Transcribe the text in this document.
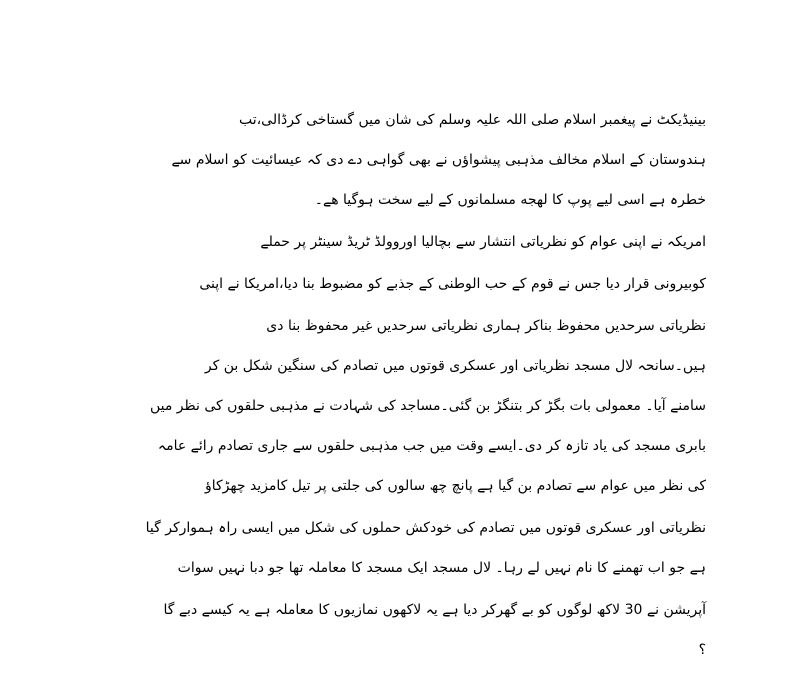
بینیڈیکٹ نے پیغمبر اسلام صلی اللہ علیہ وسلم کی شان میں گستاخی کرڈالی،تب
ہندوستان کے اسلام مخالف مذہبی پیشواؤں نے بھی گواہی دے دی کہ عیسائیت کو اسلام سے
خطرہ ہے اسی لیے پوپ کا لهجه مسلمانوں کے لیے سخت ہوگیا ھے۔
امریکہ نے اپنی عوام کو نظریاتی انتشار سے بچالیا اوروولڈ ٹریڈ سینٹر پر حملے
کوبیرونی قرار دیا جس نے قوم کے حب الوطنی کے جذبے کو مضبوط بنا دیا،امریکا نے اپنی
نظریاتی سرحدیں محفوظ بناکر ہماری نظریاتی سرحدیں غیر محفوظ بنا دی
ہیں۔سانحہ لال مسجد نظریاتی اور عسکری قوتوں میں تصادم کی سنگین شکل بن کر
سامنے آیا۔ معمولی بات بگڑ کر بتنگڑ بن گئی۔مساجد کی شہادت نے مذہبی حلقوں کی نظر میں
بابری مسجد کی یاد تازہ کر دی۔ایسے وقت میں جب مذہبی حلقوں سے جاری تصادم رائے عامہ
کی نظر میں عوام سے تصادم بن گیا ہے پانچ چھ سالوں کی جلتی پر تیل کامزید چھڑکاؤ
نظریاتی اور عسکری قوتوں میں تصادم کی خودکش حملوں کی شکل میں ایسی راہ ہموارکر گیا
ہے جو اب تھمنے کا نام نہیں لے رہا۔ لال مسجد ایک مسجد کا معاملہ تھا جو دبا نہیں سوات
آپریشن نے 30 لاکھ لوگوں کو بے گھرکر دیا ہے یہ لاکھوں نمازیوں کا معاملہ ہے یہ کیسے دبے گا
؟
